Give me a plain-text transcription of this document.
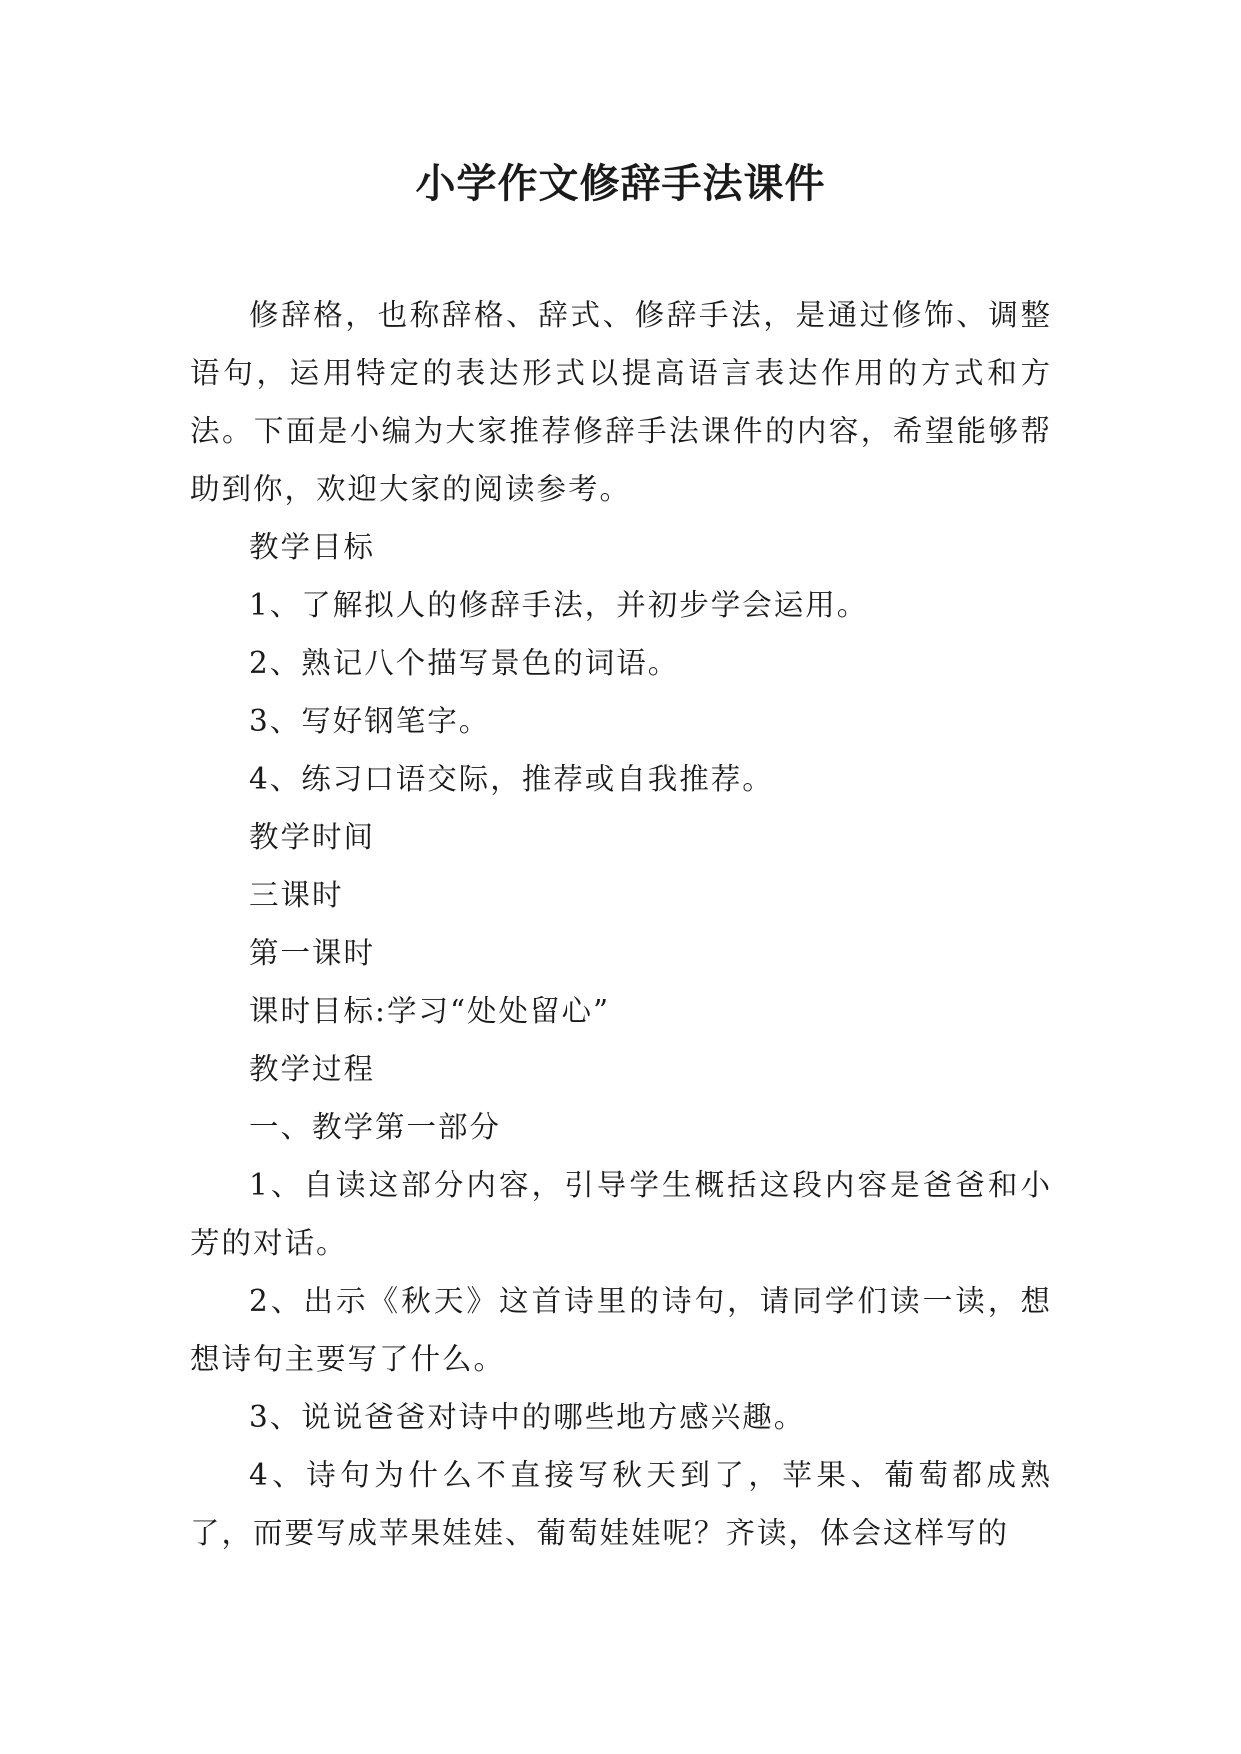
小学作文修辞手法课件

修辞格，也称辞格、辞式、修辞手法，是通过修饰、调整语句，运用特定的表达形式以提高语言表达作用的方式和方法。下面是小编为大家推荐修辞手法课件的内容，希望能够帮助到你，欢迎大家的阅读参考。

教学目标

1、了解拟人的修辞手法，并初步学会运用。

2、熟记八个描写景色的词语。

3、写好钢笔字。

4、练习口语交际，推荐或自我推荐。

教学时间

三课时

第一课时

课时目标:学习“处处留心”

教学过程

一、教学第一部分

1、自读这部分内容，引导学生概括这段内容是爸爸和小芳的对话。

2、出示《秋天》这首诗里的诗句，请同学们读一读，想想诗句主要写了什么。

3、说说爸爸对诗中的哪些地方感兴趣。

4、诗句为什么不直接写秋天到了，苹果、葡萄都成熟了，而要写成苹果娃娃、葡萄娃娃呢？齐读，体会这样写的
